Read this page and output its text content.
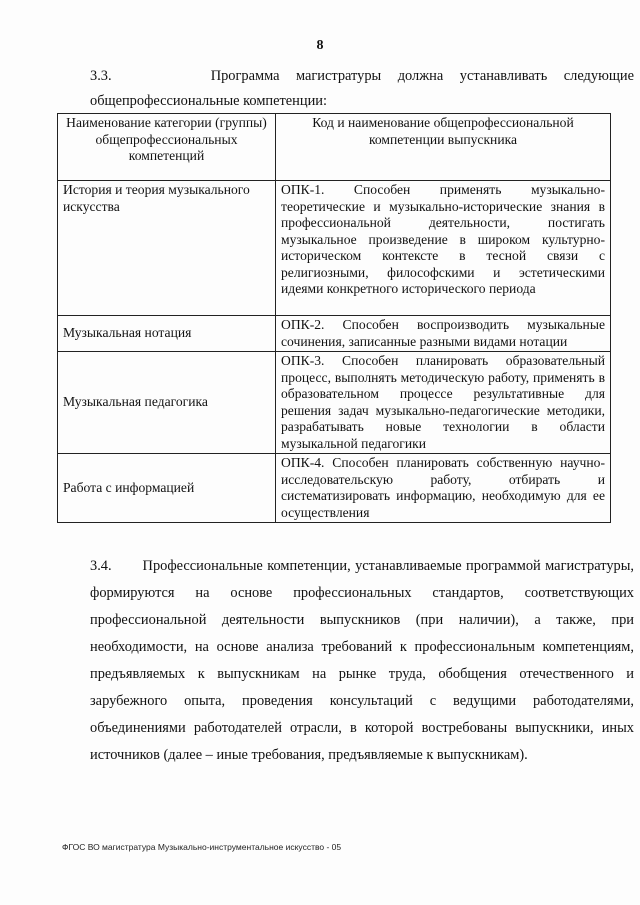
8
3.3.	Программа магистратуры должна устанавливать следующие общепрофессиональные компетенции:
Наименование категории (группы) общепрофессиональных компетенций	Код и наименование общепрофессиональной компетенции выпускника
История и теория музыкального искусства	ОПК-1. Способен применять музыкально-теоретические и музыкально-исторические знания в профессиональной деятельности, постигать музыкальное произведение в широком культурно-историческом контексте в тесной связи с религиозными, философскими и эстетическими идеями конкретного исторического периода
Музыкальная нотация	ОПК-2. Способен воспроизводить музыкальные сочинения, записанные разными видами нотации
Музыкальная педагогика	ОПК-3. Способен планировать образовательный процесс, выполнять методическую работу, применять в образовательном процессе результативные для решения задач музыкально-педагогические методики, разрабатывать новые технологии в области музыкальной педагогики
Работа с информацией	ОПК-4. Способен планировать собственную научно-исследовательскую работу, отбирать и систематизировать информацию, необходимую для ее осуществления
3.4. Профессиональные компетенции, устанавливаемые программой магистратуры, формируются на основе профессиональных стандартов, соответствующих профессиональной деятельности выпускников (при наличии), а также, при необходимости, на основе анализа требований к профессиональным компетенциям, предъявляемых к выпускникам на рынке труда, обобщения отечественного и зарубежного опыта, проведения консультаций с ведущими работодателями, объединениями работодателей отрасли, в которой востребованы выпускники, иных источников (далее – иные требования, предъявляемые к выпускникам).
ФГОС ВО магистратура Музыкально-инструментальное искусство - 05
